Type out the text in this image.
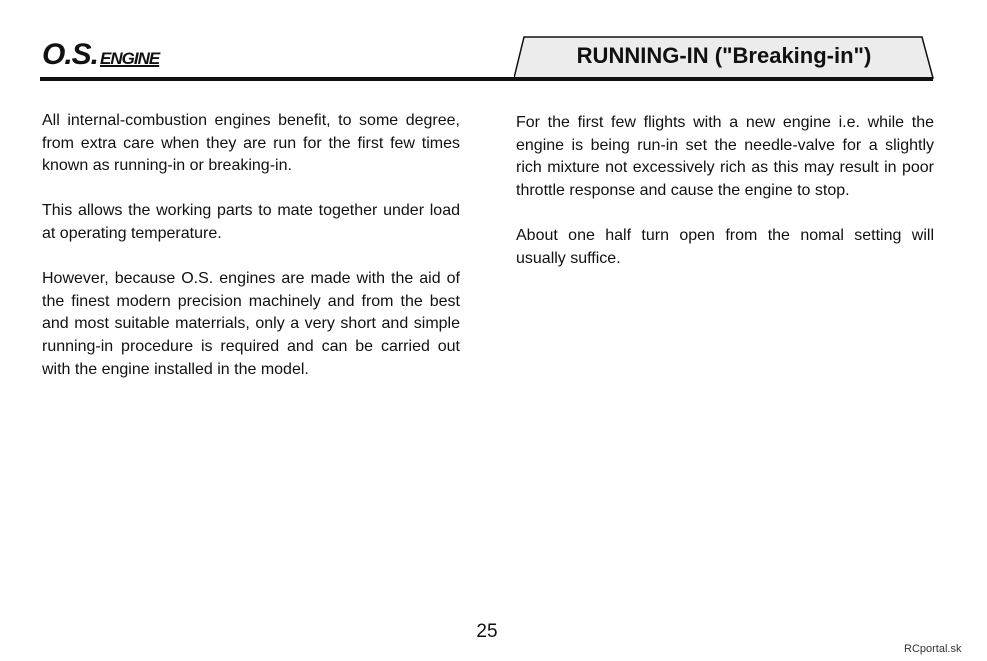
O.S. ENGINE	RUNNING-IN ("Breaking-in")

All internal-combustion engines benefit, to some degree, from extra care when they are run for the first few times known as running-in or breaking-in.

This allows the working parts to mate together under load at operating temperature.

However, because O.S. engines are made with the aid of the finest modern precision machinely and from the best and most suitable materrials, only a very short and simple running-in procedure is required and can be carried out with the engine installed in the model.

For the first few flights with a new engine i.e. while the engine is being run-in set the needle-valve for a slightly rich mixture not excessively rich as this may result in poor throttle response and cause the engine to stop.

About one half turn open from the nomal setting will usually suffice.

25
RCportal.sk
